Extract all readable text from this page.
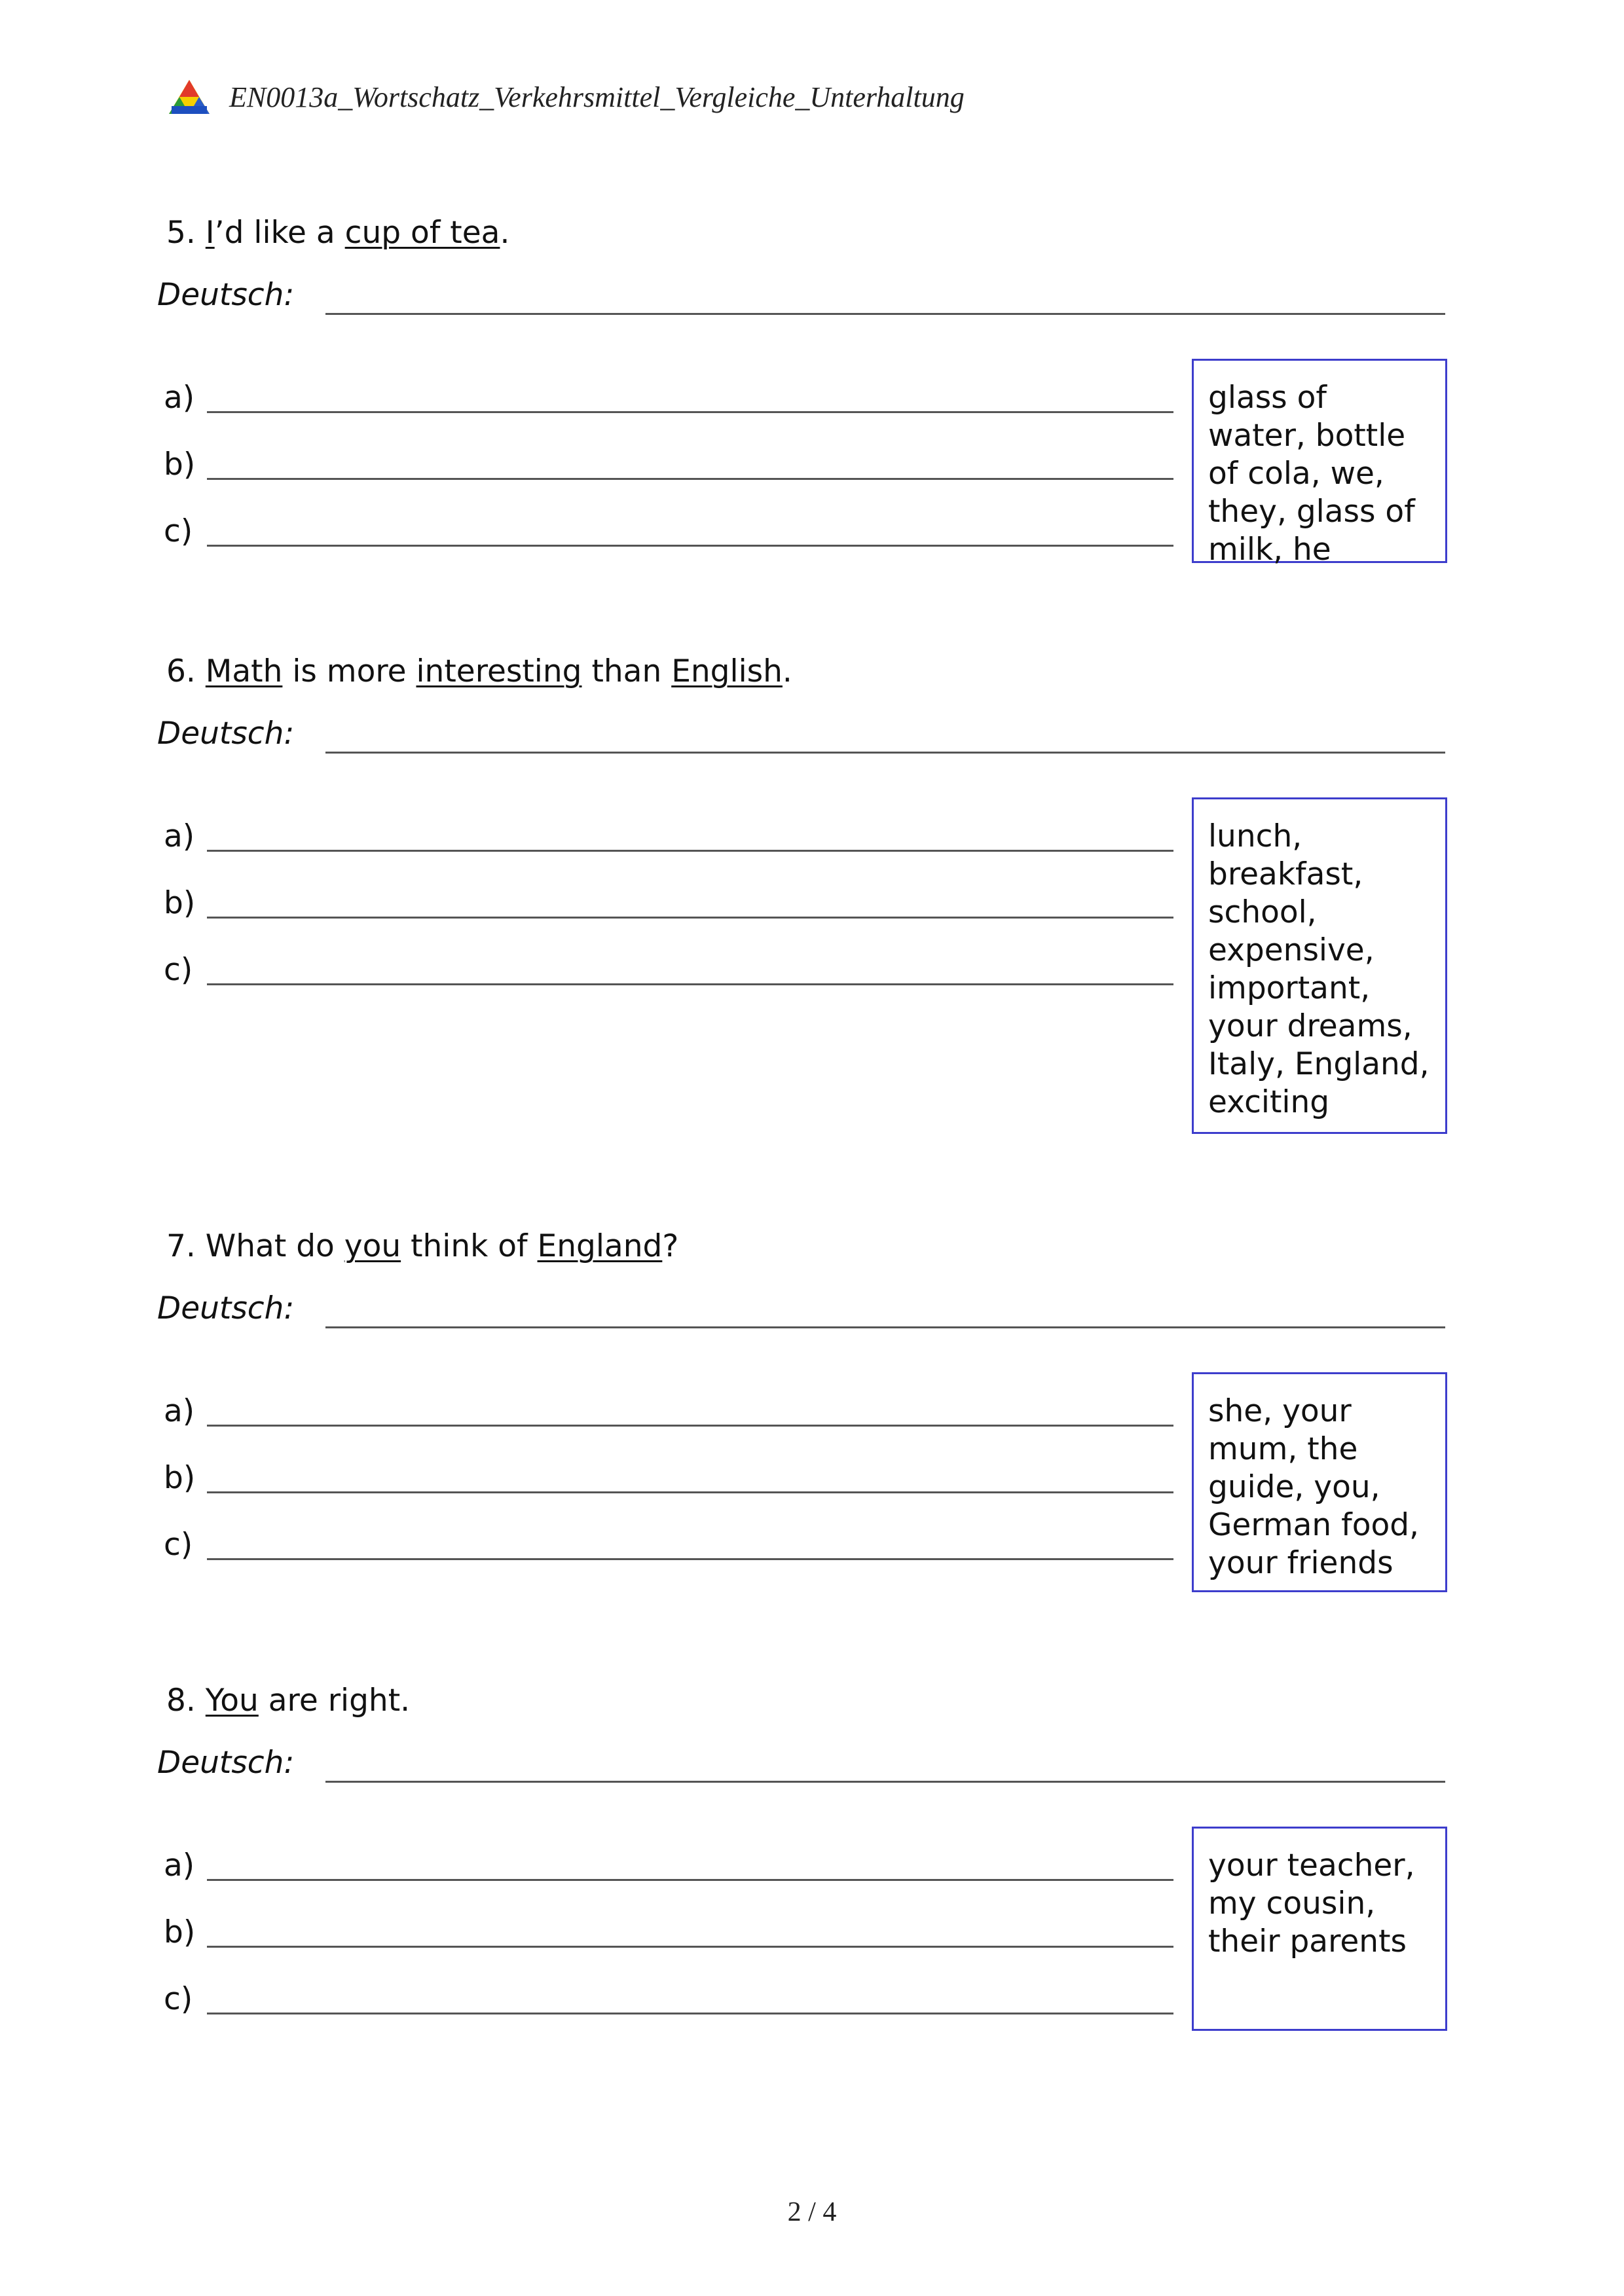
EN0013a_Wortschatz_Verkehrsmittel_Vergleiche_Unterhaltung
5. I’d like a cup of tea.
Deutsch:
a)
b)
c)
glass of water, bottle of cola, we, they, glass of milk, he
6. Math is more interesting than English.
Deutsch:
a)
b)
c)
lunch, breakfast, school, expensive, important, your dreams, Italy, England, exciting
7. What do you think of England?
Deutsch:
a)
b)
c)
she, your mum, the guide, you, German food, your friends
8. You are right.
Deutsch:
a)
b)
c)
your teacher, my cousin, their parents
2 / 4
